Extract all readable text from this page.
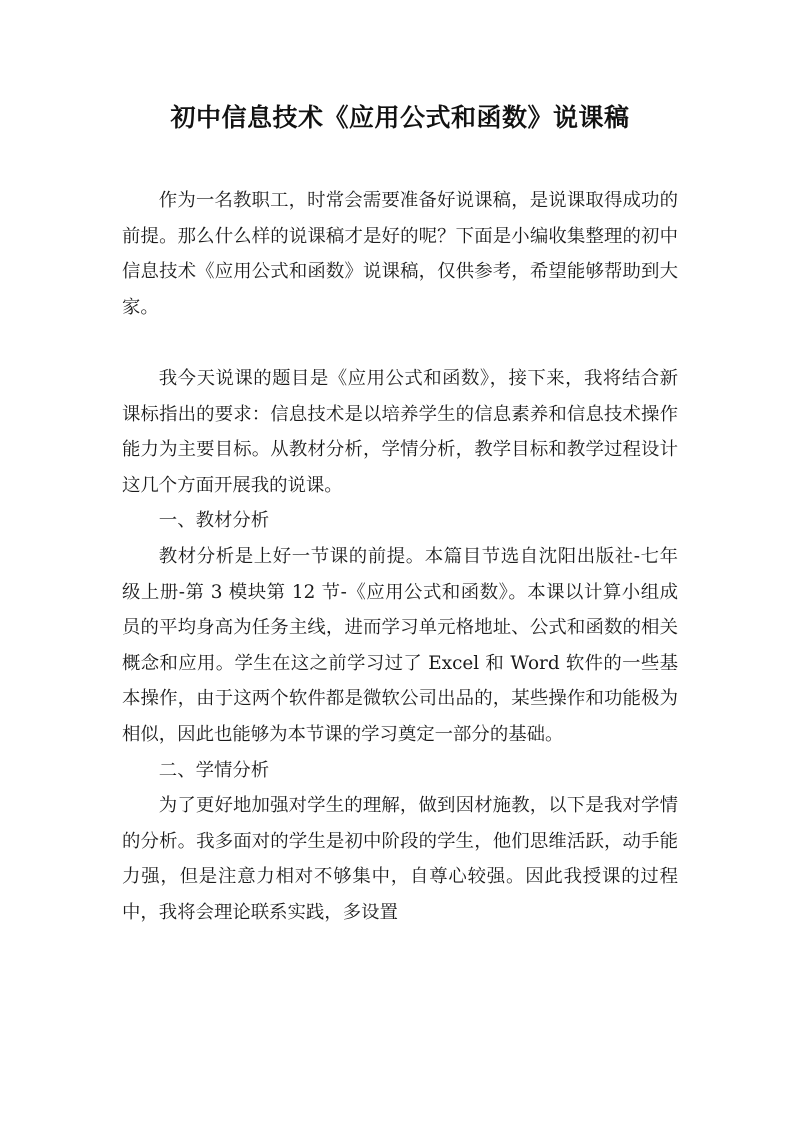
初中信息技术《应用公式和函数》说课稿

作为一名教职工，时常会需要准备好说课稿，是说课取得成功的前提。那么什么样的说课稿才是好的呢？下面是小编收集整理的初中信息技术《应用公式和函数》说课稿，仅供参考，希望能够帮助到大家。

我今天说课的题目是《应用公式和函数》，接下来，我将结合新课标指出的要求：信息技术是以培养学生的信息素养和信息技术操作能力为主要目标。从教材分析，学情分析，教学目标和教学过程设计这几个方面开展我的说课。

一、教材分析

教材分析是上好一节课的前提。本篇目节选自沈阳出版社-七年级上册-第 3 模块第 12 节-《应用公式和函数》。本课以计算小组成员的平均身高为任务主线，进而学习单元格地址、公式和函数的相关概念和应用。学生在这之前学习过了 Excel 和 Word 软件的一些基本操作，由于这两个软件都是微软公司出品的，某些操作和功能极为相似，因此也能够为本节课的学习奠定一部分的基础。

二、学情分析

为了更好地加强对学生的理解，做到因材施教，以下是我对学情的分析。我多面对的学生是初中阶段的学生，他们思维活跃，动手能力强，但是注意力相对不够集中，自尊心较强。因此我授课的过程中，我将会理论联系实践，多设置
